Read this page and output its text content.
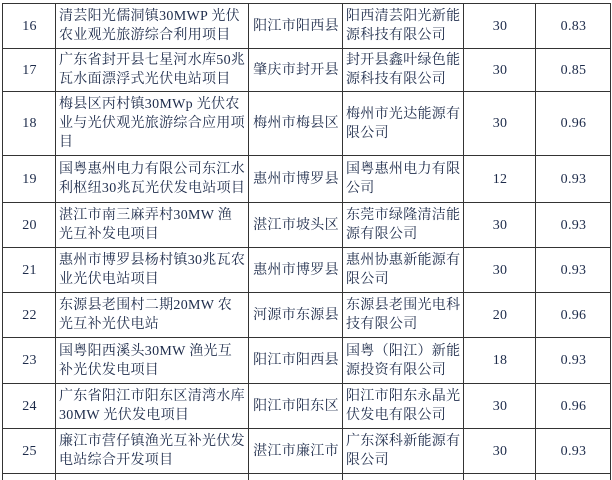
16	清芸阳光儒洞镇30MWP 光伏农业观光旅游综合利用项目	阳江市阳西县	阳西清芸阳光新能源科技有限公司	30	0.83
17	广东省封开县七星河水库50兆瓦水面漂浮式光伏电站项目	肇庆市封开县	封开县鑫叶绿色能源科技有限公司	30	0.85
18	梅县区丙村镇30MWp 光伏农业与光伏观光旅游综合应用项目	梅州市梅县区	梅州市光达能源有限公司	30	0.96
19	国粤惠州电力有限公司东江水利枢纽30兆瓦光伏发电站项目	惠州市博罗县	国粤惠州电力有限公司	12	0.93
20	湛江市南三麻弄村30MW 渔光互补发电项目	湛江市坡头区	东莞市绿隆清洁能源有限公司	30	0.93
21	惠州市博罗县杨村镇30兆瓦农业光伏电站项目	惠州市博罗县	惠州协惠新能源有限公司	30	0.93
22	东源县老围村二期20MW 农光互补光伏电站	河源市东源县	东源县老围光电科技有限公司	20	0.96
23	国粤阳西溪头30MW 渔光互补光伏发电项目	阳江市阳西县	国粤（阳江）新能源投资有限公司	18	0.93
24	广东省阳江市阳东区清湾水库30MW 光伏发电项目	阳江市阳东区	阳江市阳东永晶光伏发电有限公司	30	0.96
25	廉江市营仔镇渔光互补光伏发电站综合开发项目	湛江市廉江市	广东深科新能源有限公司	30	0.93
